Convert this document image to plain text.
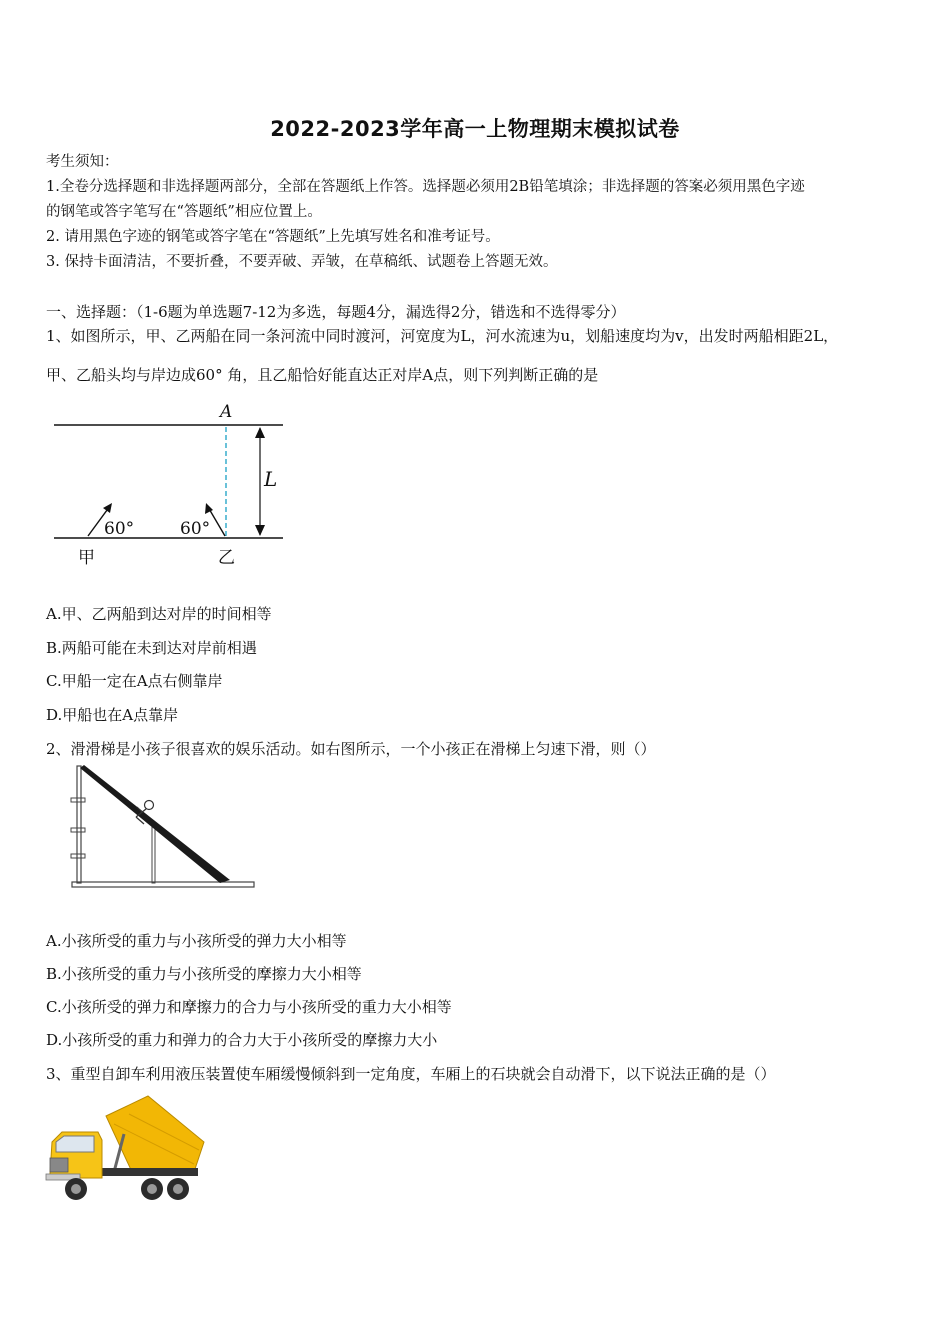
2022-2023学年高一上物理期末模拟试卷
考生须知：
1.全卷分选择题和非选择题两部分，全部在答题纸上作答。选择题必须用2B铅笔填涂；非选择题的答案必须用黑色字迹
的钢笔或答字笔写在“答题纸”相应位置上。
2. 请用黑色字迹的钢笔或答字笔在“答题纸”上先填写姓名和准考证号。
3. 保持卡面清洁，不要折叠，不要弄破、弄皱，在草稿纸、试题卷上答题无效。
一、选择题：（1-6题为单选题7-12为多选，每题4分，漏选得2分，错选和不选得零分）
1、如图所示，甲、乙两船在同一条河流中同时渡河，河宽度为L，河水流速为u，划船速度均为v，出发时两船相距2L，
甲、乙船头均与岸边成60° 角，且乙船恰好能直达正对岸A点，则下列判断正确的是
L
A
60°	60°
甲	乙
A.甲、乙两船到达对岸的时间相等
B.两船可能在未到达对岸前相遇
C.甲船一定在A点右侧靠岸
D.甲船也在A点靠岸
2、滑滑梯是小孩子很喜欢的娱乐活动。如右图所示，一个小孩正在滑梯上匀速下滑，则（）
A.小孩所受的重力与小孩所受的弹力大小相等
B.小孩所受的重力与小孩所受的摩擦力大小相等
C.小孩所受的弹力和摩擦力的合力与小孩所受的重力大小相等
D.小孩所受的重力和弹力的合力大于小孩所受的摩擦力大小
3、重型自卸车利用液压装置使车厢缓慢倾斜到一定角度，车厢上的石块就会自动滑下，以下说法正确的是（）
